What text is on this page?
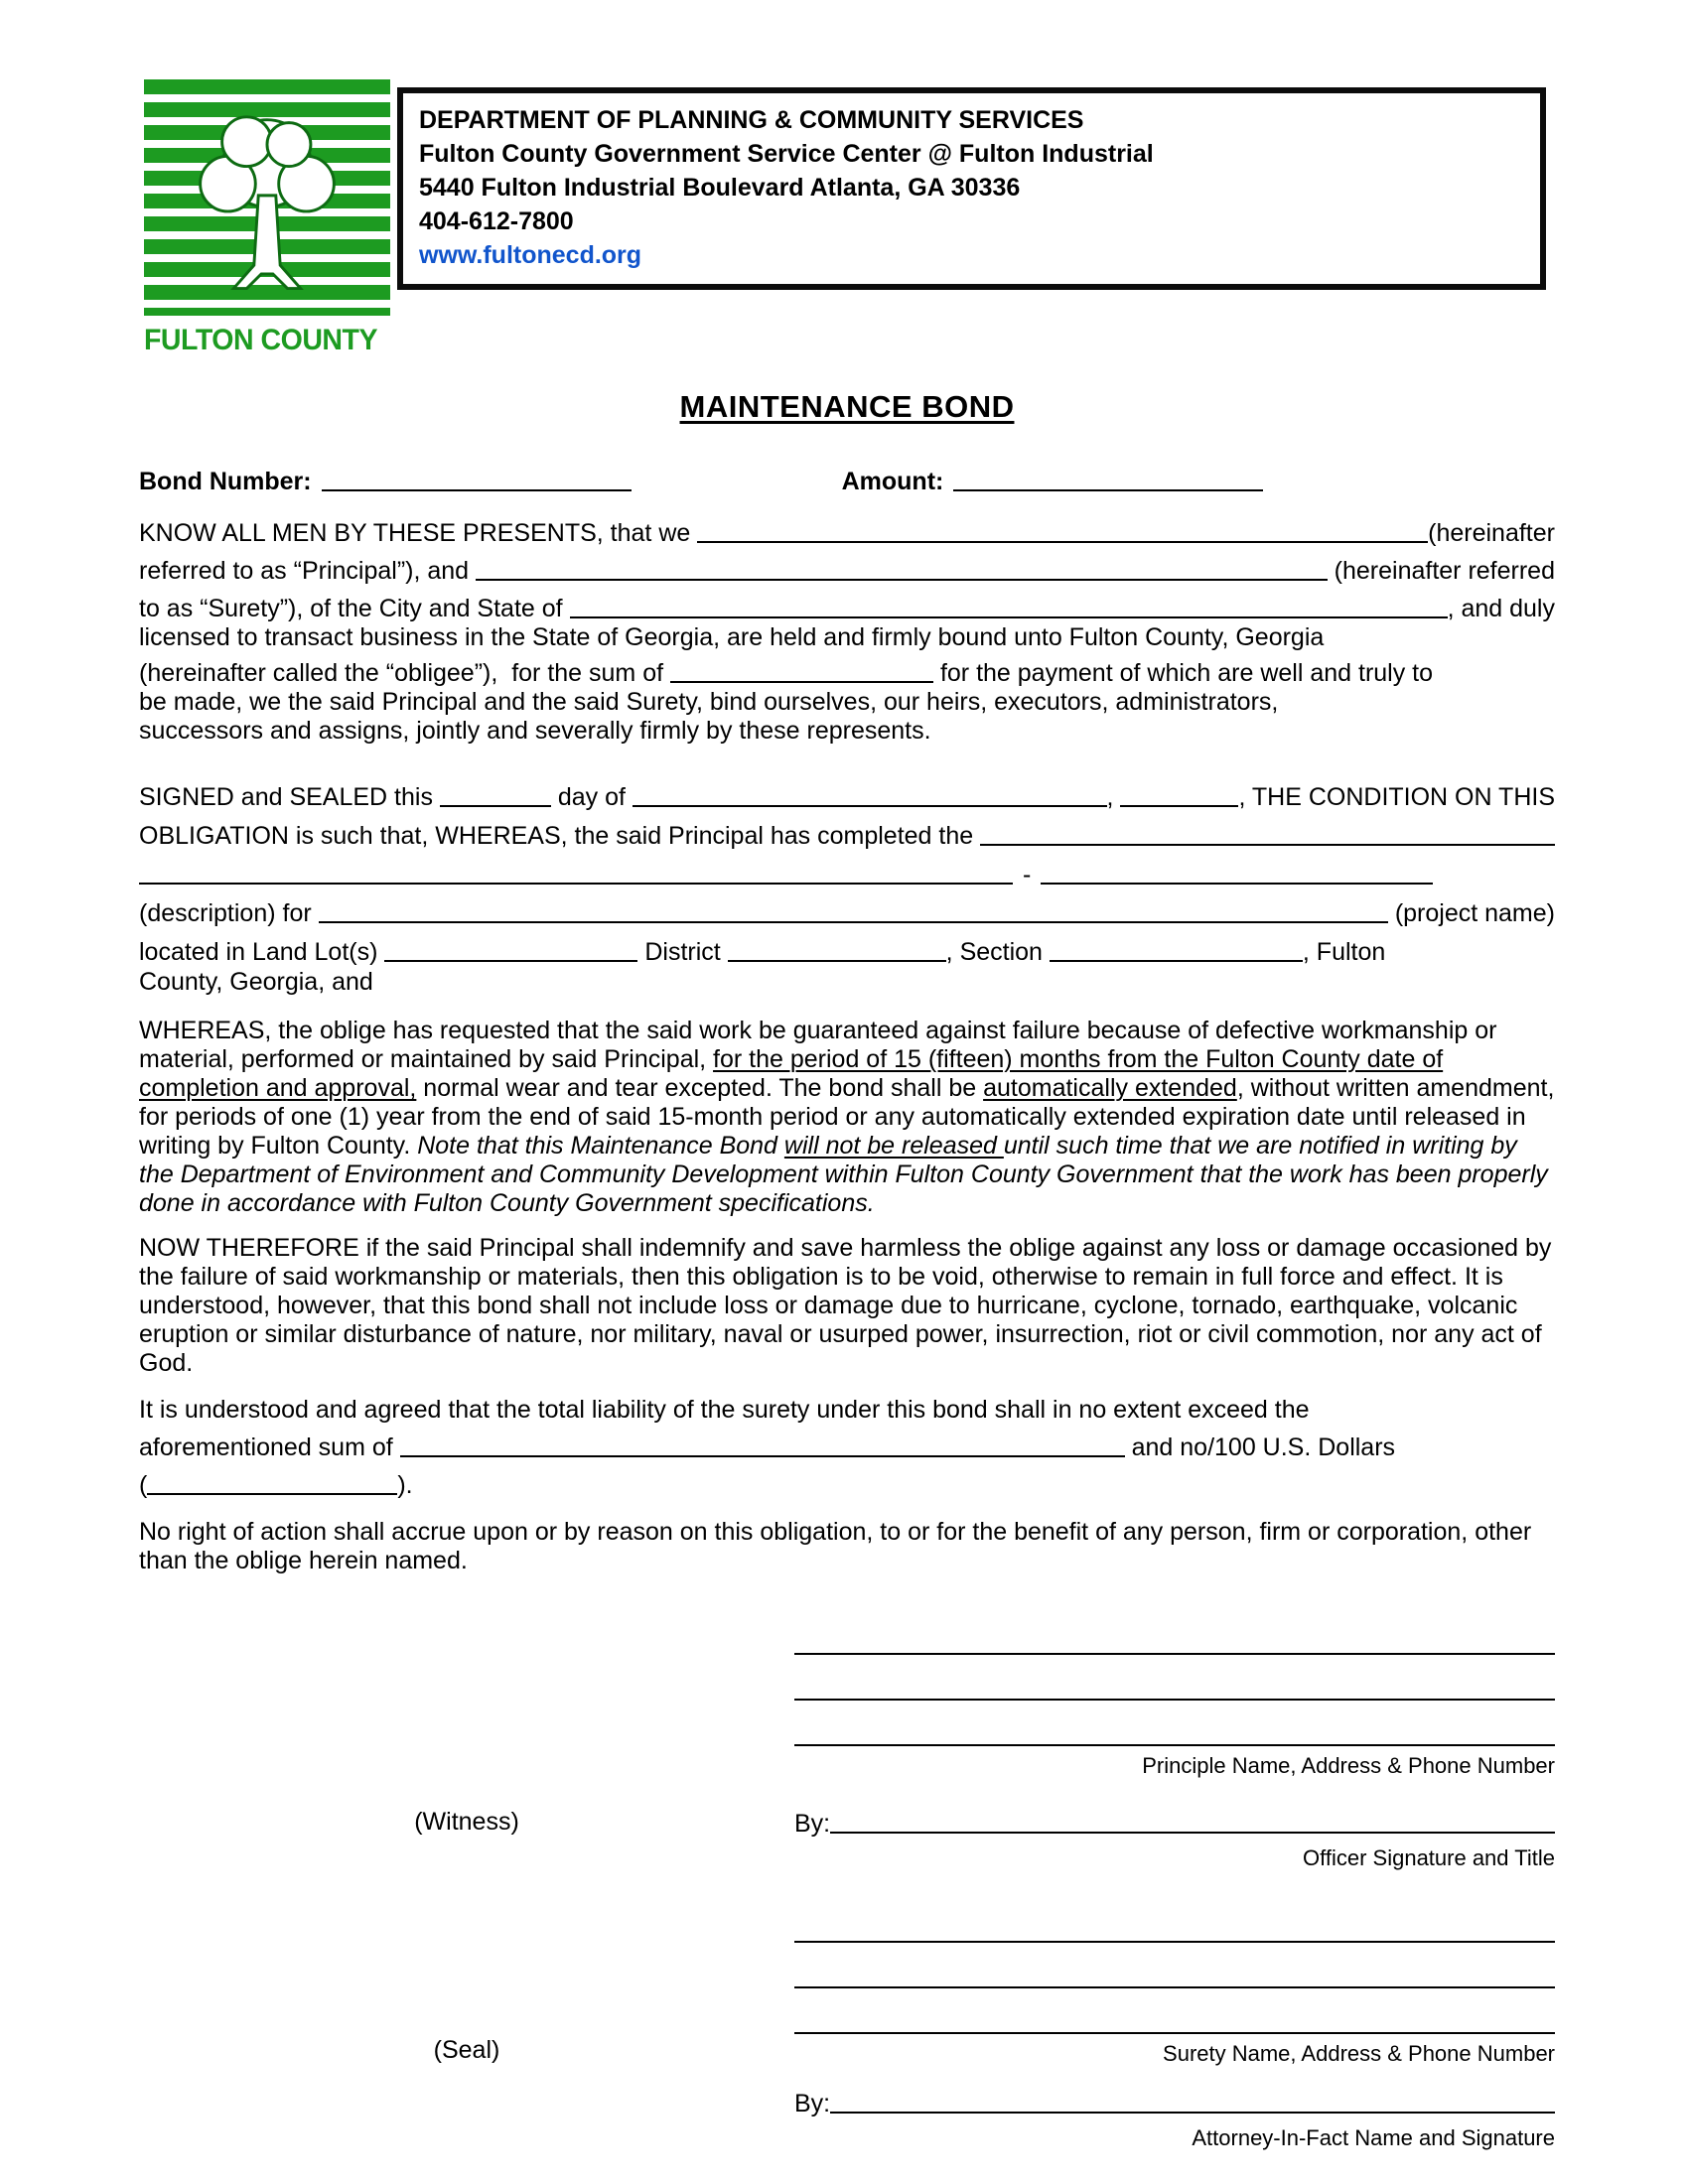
FULTON COUNTY
DEPARTMENT OF PLANNING & COMMUNITY SERVICES
Fulton County Government Service Center @ Fulton Industrial
5440 Fulton Industrial Boulevard Atlanta, GA 30336
404-612-7800
www.fultonecd.org
MAINTENANCE BOND
Bond Number:	Amount:
KNOW ALL MEN BY THESE PRESENTS, that we	(hereinafter
referred to as “Principal”), and	(hereinafter referred
to as “Surety”), of the City and State of	, and duly
licensed to transact business in the State of Georgia, are held and firmly bound unto Fulton County, Georgia
(hereinafter called the “obligee”),  for the sum of	for the payment of which are well and truly to
be made, we the said Principal and the said Surety, bind ourselves, our heirs, executors, administrators,
successors and assigns, jointly and severally firmly by these represents.
SIGNED and SEALED this	day of	,	, THE CONDITION ON THIS
OBLIGATION is such that, WHEREAS, the said Principal has completed the
-
(description) for	(project name)
located in Land Lot(s)	District	, Section	, Fulton
County, Georgia, and

WHEREAS, the oblige has requested that the said work be guaranteed against failure because of defective workmanship or material, performed or maintained by said Principal, for the period of 15 (fifteen) months from the Fulton County date of completion and approval, normal wear and tear excepted. The bond shall be automatically extended, without written amendment, for periods of one (1) year from the end of said 15-month period or any automatically extended expiration date until released in writing by Fulton County. Note that this Maintenance Bond will not be released until such time that we are notified in writing by the Department of Environment and Community Development within Fulton County Government that the work has been properly done in accordance with Fulton County Government specifications.

NOW THEREFORE if the said Principal shall indemnify and save harmless the oblige against any loss or damage occasioned by the failure of said workmanship or materials, then this obligation is to be void, otherwise to remain in full force and effect. It is understood, however, that this bond shall not include loss or damage due to hurricane, cyclone, tornado, earthquake, volcanic eruption or similar disturbance of nature, nor military, naval or usurped power, insurrection, riot or civil commotion, nor any act of God.

It is understood and agreed that the total liability of the surety under this bond shall in no extent exceed the
aforementioned sum of	and no/100 U.S. Dollars
(	).

No right of action shall accrue upon or by reason on this obligation, to or for the benefit of any person, firm or corporation, other than the oblige herein named.

Principle Name, Address & Phone Number
(Witness)	By:
Officer Signature and Title
(Seal)	Surety Name, Address & Phone Number
By:
Attorney-In-Fact Name and Signature
